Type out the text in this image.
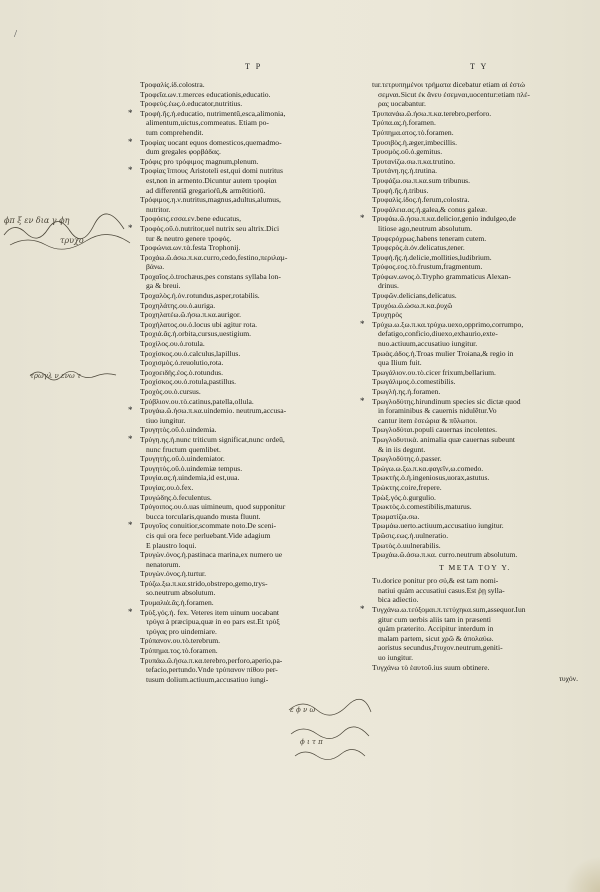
/
T P	T Y
Τροφαλίς.ίδ.colostra.
Τροφεῖα.ων.τ.merces educationis,educatio.
Τροφεὺς.έως.ὁ.educator,nutritius.
* Τροφὴ.ῆς.ἡ.educatio, nutrimentū,esca,alimonia,
alimentum,uictus,commeatus. Etiam po-
tum comprehendit.
* Τροφίας uocant equos domesticos,quemadmo-
dum gregales φορβάδας.
Τρόφις pro τρόφιμος magnum,plenum.
* Τροφίας ἵππους Aristoteli est,qui domi nutritus
est,non in armento.Dicuntur autem τροφίαι
ad differentiā gregarioṙū,& armētitioṙū.
Τρόφιμος.η.ν.nutritus,magnus,adultus,alumus,
nutritor.
Τροφόεις.εσσα.εν.bene educatus,
* Τροφὸς.οῦ.ὁ.nutritor,uel nutrix seu altrix.Dici
tur & neutro genere τροφός.
Τροφώνια.ων.τὰ.festa Trophonij.
Τροχάω.ῶ.άσω.π.κα.curro,cedo,festino,περιλαμ-
βάνω.
Τροχαῖος.ὁ.trochæus,pes constans syllaba lon-
ga & breui.
Τροχαλὸς.ή.όν.rotundus,asper,rotabilis.
Τροχηλάτης.ου.ὁ.auriga.
Τροχηλατέω.ῶ.ήσω.π.κα.aurigor.
Τροχήλατος.ου.ὁ.locus ubi agitur rota.
Τροχιά.ᾶς.ἡ.orbita,cursus,uestigium.
Τροχίλος.ου.ὁ.rotula.
Τροχίσκος.ου.ὁ.calculus,lapillus.
Τροχισμὸς.ὁ.reuolutio,rota.
Τροχοειδὴς.έος.ὁ.rotundus.
Τροχίσκος.ου.ὁ.rotula,pastillus.
Τροχὸς.ου.ὁ.cursus.
Τρύβλιον.ου.τὸ.catinus,patella,ollula.
* Τρυγάω.ῶ.ήσω.π.κα.uindemio. neutrum,accusa-
tiuo iungitur.
Τρυγητὸς.οῦ.ὁ.uindemia.
* Τρύγη.ης.ἡ.nunc triticum significat,nunc ordeū,
nunc fructum quemlibet.
Τρυγητὴς.οῦ.ὁ.uindemiator.
Τρυγητὸς.οῦ.ὁ.uindemiæ tempus.
Τρυγία.ας.ἡ.uindemia,id est,uua.
Τρυγίας.ου.ὁ.fex.
Τρυγώδης.ὁ.feculentus.
Τρύγοιπος.ου.ὁ.uas uimineum, quod supponitur
bucca torcularis,quando musta fluunt.
* Τρυγοῖος conuitior,scommate noto.De sceni-
cis qui ora fece perluebant.Vide adagium
E plaustro loqui.
Τρυγὼν.όνος.ἡ.pastinaca marina,ex numero ue
nenatorum.
Τρυγὼν.όνος.ἡ.turtur.
Τρύζω.ξω.π.κα.strido,obstrepo,gemo,trys-
so.neutrum absolutum.
Τρυμαλιὰ.ᾶς.ἡ.foramen.
* Τρὺξ.γός.ἡ. fex. Veteres item uinum uocabant
τρύγα à præcipua,quæ in eo pars est.Et τρὺξ
τρύγας pro uindemiare.
Τρύπανον.ου.τὸ.terebrum.
Τρύπημα.τος.τὸ.foramen.
Τρυπάω.ῶ.ήσω.π.κα.terebro,perforo,aperio,pa-
tefacio,pertundo.Vnde τρύπανον πίθου per-
tusum dolium.actiuum,accusatiuo iungi-
tur.τετρυπημένοι τρήματα dicebatur etiam αἰ ἑστώ
σεμναι.Sicut ἐκ ἄνευ ἐσεμναι,uocentur:etiam πλέ-
ρας uocabantur.
Τρυπανάω.ῶ.ήσω.π.κα.terebro,perforo.
Τρύπα.ας.ἡ.foramen.
Τρύπημα.ατος.τὸ.foramen.
Τρυσιβὸς.ἡ.æger,imbecillis.
Τρυσμὸς.οῦ.ὁ.gemitus.
Τρυτανίζω.σω.π.κα.trutino.
Τρυτάνη.ης.ἡ.trutina.
Τρυφάζω.σω.π.κα.sum tribunus.
Τρυφὴ.ῆς.ἡ.tribus.
Τρυφαλὶς.ίδος.ἡ.ferum,colostra.
Τρυφάλεια.ας.ἡ.galea,& conus galeæ.
* Τρυφάω.ῶ.ήσω.π.κα.delicior,genio indulgeo,de
litiose ago,neutrum absolutum.
Τρυφερόχρως.habens teneram cutem.
Τρυφερὸς.ὰ.όν.delicatus,tener.
Τρυφὴ.ῆς.ἡ.delicie,mollities,ludibrium.
Τρύφος.εος.τὸ.frustum,fragmentum.
Τρύφων.ωνος.ὁ.Trypho grammaticus Alexan-
drinus.
Τρυφῶν.delicians,delicatus.
Τρυχόω.ῶ.ώσω.π.κα.ῥυχῶ
Τρυχηρὸς
* Τρύχω.ω.ξω.π.κα.τρύχω.uexo,opprimo,corrumpo,
defatigo,conficio,diuexo,exhaurio,exte-
nuo.actiuum,accusatiuo iungitur.
Τρωὰς.άδος.ἡ.Troas mulier Troiana,& regio in
qua Ilium fuit.
Τρωγάλιον.ου.τὸ.cicer frixum,bellarium.
Τρωγάλιμος.ὁ.comestibilis.
Τρωγλὴ.ης.ἡ.foramen.
* Τρωγλοδύτης.hirundinum species sic dictæ quod
in foraminibus & cauernis nidulētur.Vo
cantur item ἑσεώρια & πῦλωποι.
Τρωγλοδύται.populi cauernas incolentes.
Τρωγλοδυτικὰ. animalia quæ cauernas subeunt
& in iis degunt.
Τρωγλοδύτης.ὁ.passer.
Τρώγω.ω.ξω.π.κα.φαγεῖν,ω.comedo.
Τρωκτὴς.ὁ.ἡ.ingeniosus,uorax,astutus.
Τρώκτης.coire,frepere.
Τρὼξ.γός.ὁ.gurgulio.
Τρωκτὸς.ὁ.comestibilis,maturus.
Τρωματίζω.σω.
Τρωμάω.uerto.actiuum,accusatiuo iungitur.
Τρῶσις.εως.ἡ.uulneratio.
Τρωτὸς.ὁ.uulnerabilis.
Τρωχάω.ῶ.άσω.π.κα. curro.neutrum absolutum.
T META TOY Υ.
Τυ.dorice ponitur pro σύ,& est tam nomi-
natiui quàm accusatiui casus.Est ῥῃ sylla-
bica adiectio.
* Τυγχάνω.ω.τεύξομαι.π.τετύχηκα.sum,assequor.Iun
gitur cum uerbis aliis tam in præsenti
quàm præterito. Accipitur interdum in
malam partem, sicut χρῶ & ἀπολαύω.
aoristus secundus,ἔτυχον.neutrum,geniti-
uo iungitur.
Τυγχάνω τὸ ἑαυτοῦ.ius suum obtinere.
τυχόν.
ϕπ ξ εν δια γ ϕη
τρυχο
τρωγλ ν ενω τ
ε ϕ ν ω
ϕ ι τ π
